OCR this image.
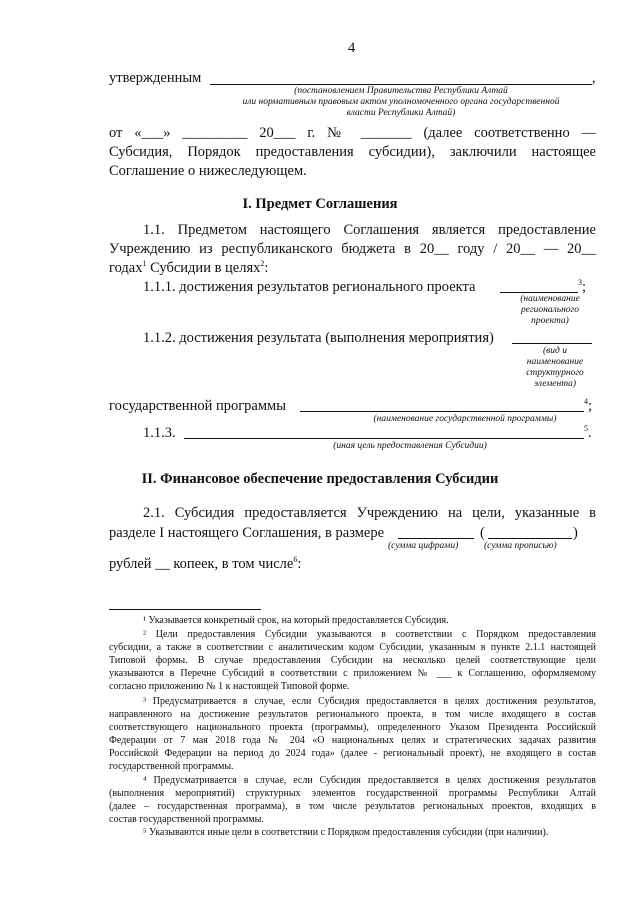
4
утвержденным	,
(постановлением Правительства Республики Алтай
или нормативным правовым актом уполномоченного органа государственной
власти Республики Алтай)
от «___» _________ 20___ г. № _______ (далее соответственно —
Субсидия, Порядок предоставления субсидии), заключили настоящее
Соглашение о нижеследующем.
I. Предмет Соглашения
1.1. Предметом настоящего Соглашения является предоставление
Учреждению из республиканского бюджета в 20__ году / 20__ — 20__
годах$^1$ Субсидии в целях$^2$:
1.1.1. достижения результатов регионального проекта	$^3$;
(наименование
регионального
проекта)
1.1.2. достижения результата (выполнения мероприятия)
(вид и
наименование
структурного
элемента)
государственной программы	$^4$;
(наименование государственной программы)
1.1.3.	$^5$.
(иная цель предоставления Субсидии)
II. Финансовое обеспечение предоставления Субсидии
2.1. Субсидия предоставляется Учреждению на цели, указанные в
разделе I настоящего Соглашения, в размере	(	)
(сумма цифрами)	(сумма прописью)
рублей __ копеек, в том числе$^6$:
¹ Указывается конкретный срок, на который предоставляется Субсидия.
² Цели предоставления Субсидии указываются в соответствии с Порядком предоставления
субсидии, а также в соответствии с аналитическим кодом Субсидии, указанным в пункте 2.1.1 настоящей
Типовой формы. В случае предоставления Субсидии на несколько целей соответствующие цели
указываются в Перечне Субсидий в соответствии с приложением № ___ к Соглашению, оформляемому
согласно приложению № 1 к настоящей Типовой форме.
³ Предусматривается в случае, если Субсидия предоставляется в целях достижения результатов,
направленного на достижение результатов регионального проекта, в том числе входящего в состав
соответствующего национального проекта (программы), определенного Указом Президента Российской
Федерации от 7 мая 2018 года № 204 «О национальных целях и стратегических задачах развития
Российской Федерации на период до 2024 года» (далее - региональный проект), не входящего в состав
государственной программы.
⁴ Предусматривается в случае, если Субсидия предоставляется в целях достижения результатов
(выполнения мероприятий) структурных элементов государственной программы Республики Алтай
(далее – государственная программа), в том числе результатов региональных проектов, входящих в
состав государственной программы.
⁵ Указываются иные цели в соответствии с Порядком предоставления субсидии (при наличии).
